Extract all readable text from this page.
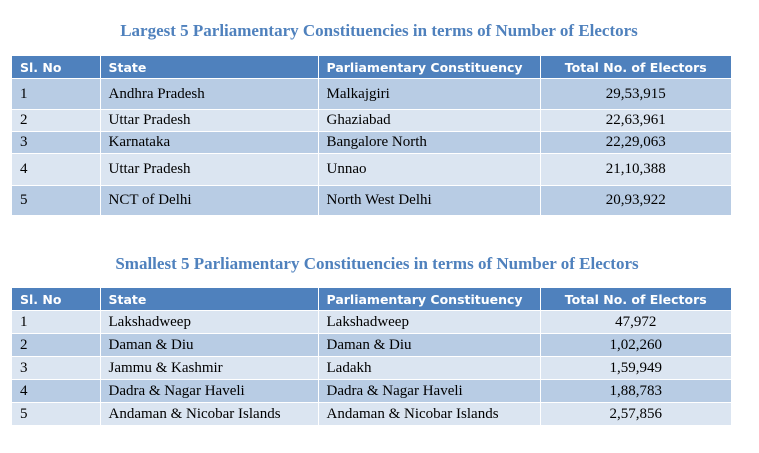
Largest 5 Parliamentary Constituencies in terms of Number of Electors
Sl. No	State	Parliamentary Constituency	Total No. of Electors
1	Andhra Pradesh	Malkajgiri	29,53,915
2	Uttar Pradesh	Ghaziabad	22,63,961
3	Karnataka	Bangalore North	22,29,063
4	Uttar Pradesh	Unnao	21,10,388
5	NCT of Delhi	North West Delhi	20,93,922
Smallest 5 Parliamentary Constituencies in terms of Number of Electors
Sl. No	State	Parliamentary Constituency	Total No. of Electors
1	Lakshadweep	Lakshadweep	47,972
2	Daman & Diu	Daman & Diu	1,02,260
3	Jammu & Kashmir	Ladakh	1,59,949
4	Dadra & Nagar Haveli	Dadra & Nagar Haveli	1,88,783
5	Andaman & Nicobar Islands	Andaman & Nicobar Islands	2,57,856
